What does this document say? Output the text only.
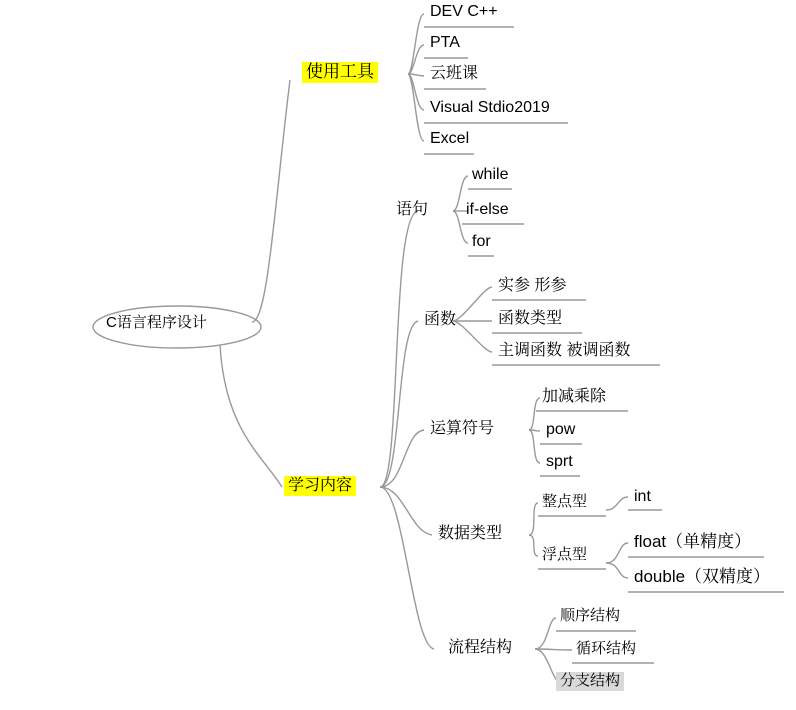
C语言程序设计
使用工具
DEV C++
PTA
云班课
Visual Stdio2019
Excel
学习内容
语句
while
if-else
for
函数
实参 形参
函数类型
主调函数 被调函数
运算符号
加减乘除
pow
sprt
数据类型
整点型	int
浮点型
float（单精度）
double（双精度）
流程结构
顺序结构
循环结构
分支结构
